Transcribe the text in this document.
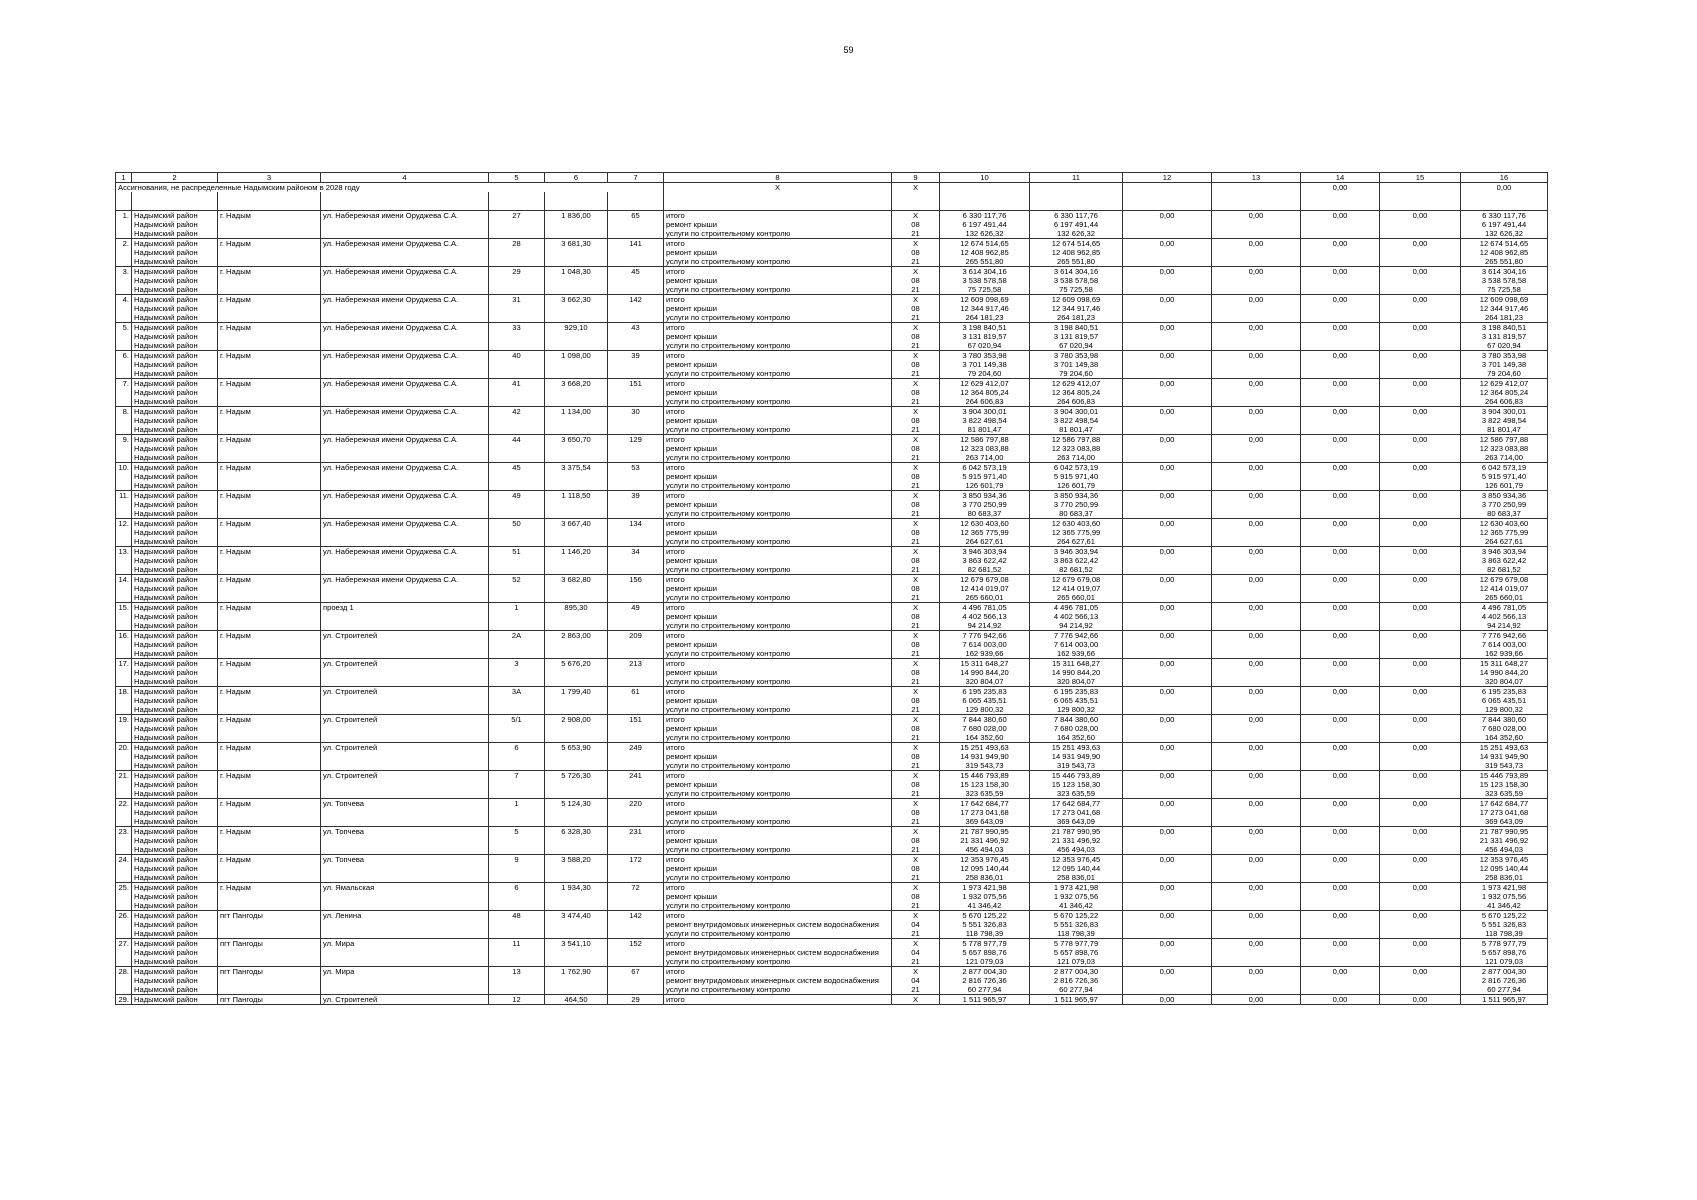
59
1	2	3	4	5	6	7	8	9	10	11	12	13	14	15	16
Ассигнования, не распределенные Надымским районом в 2028 году							X	X					0,00		0,00

1.	Надымский район	г. Надым	ул. Набережная имени Оруджева С.А.	27	1 836,00	65	итого	X	6 330 117,76	6 330 117,76	0,00	0,00	0,00	0,00	6 330 117,76
	Надымский район						ремонт крыши	08	6 197 491,44	6 197 491,44					6 197 491,44
	Надымский район						услуги по строительному контролю	21	132 626,32	132 626,32					132 626,32
2.	Надымский район	г. Надым	ул. Набережная имени Оруджева С.А.	28	3 681,30	141	итого	X	12 674 514,65	12 674 514,65	0,00	0,00	0,00	0,00	12 674 514,65
	Надымский район						ремонт крыши	08	12 408 962,85	12 408 962,85					12 408 962,85
	Надымский район						услуги по строительному контролю	21	265 551,80	265 551,80					265 551,80
3.	Надымский район	г. Надым	ул. Набережная имени Оруджева С.А.	29	1 048,30	45	итого	X	3 614 304,16	3 614 304,16	0,00	0,00	0,00	0,00	3 614 304,16
	Надымский район						ремонт крыши	08	3 538 578,58	3 538 578,58					3 538 578,58
	Надымский район						услуги по строительному контролю	21	75 725,58	75 725,58					75 725,58
4.	Надымский район	г. Надым	ул. Набережная имени Оруджева С.А.	31	3 662,30	142	итого	X	12 609 098,69	12 609 098,69	0,00	0,00	0,00	0,00	12 609 098,69
	Надымский район						ремонт крыши	08	12 344 917,46	12 344 917,46					12 344 917,46
	Надымский район						услуги по строительному контролю	21	264 181,23	264 181,23					264 181,23
5.	Надымский район	г. Надым	ул. Набережная имени Оруджева С.А.	33	929,10	43	итого	X	3 198 840,51	3 198 840,51	0,00	0,00	0,00	0,00	3 198 840,51
	Надымский район						ремонт крыши	08	3 131 819,57	3 131 819,57					3 131 819,57
	Надымский район						услуги по строительному контролю	21	67 020,94	67 020,94					67 020,94
6.	Надымский район	г. Надым	ул. Набережная имени Оруджева С.А.	40	1 098,00	39	итого	X	3 780 353,98	3 780 353,98	0,00	0,00	0,00	0,00	3 780 353,98
	Надымский район						ремонт крыши	08	3 701 149,38	3 701 149,38					3 701 149,38
	Надымский район						услуги по строительному контролю	21	79 204,60	79 204,60					79 204,60
7.	Надымский район	г. Надым	ул. Набережная имени Оруджева С.А.	41	3 668,20	151	итого	X	12 629 412,07	12 629 412,07	0,00	0,00	0,00	0,00	12 629 412,07
	Надымский район						ремонт крыши	08	12 364 805,24	12 364 805,24					12 364 805,24
	Надымский район						услуги по строительному контролю	21	264 606,83	264 606,83					264 606,83
8.	Надымский район	г. Надым	ул. Набережная имени Оруджева С.А.	42	1 134,00	30	итого	X	3 904 300,01	3 904 300,01	0,00	0,00	0,00	0,00	3 904 300,01
	Надымский район						ремонт крыши	08	3 822 498,54	3 822 498,54					3 822 498,54
	Надымский район						услуги по строительному контролю	21	81 801,47	81 801,47					81 801,47
9.	Надымский район	г. Надым	ул. Набережная имени Оруджева С.А.	44	3 650,70	129	итого	X	12 586 797,88	12 586 797,88	0,00	0,00	0,00	0,00	12 586 797,88
	Надымский район						ремонт крыши	08	12 323 083,88	12 323 083,88					12 323 083,88
	Надымский район						услуги по строительному контролю	21	263 714,00	263 714,00					263 714,00
10.	Надымский район	г. Надым	ул. Набережная имени Оруджева С.А.	45	3 375,54	53	итого	X	6 042 573,19	6 042 573,19	0,00	0,00	0,00	0,00	6 042 573,19
	Надымский район						ремонт крыши	08	5 915 971,40	5 915 971,40					5 915 971,40
	Надымский район						услуги по строительному контролю	21	126 601,79	126 601,79					126 601,79
11.	Надымский район	г. Надым	ул. Набережная имени Оруджева С.А.	49	1 118,50	39	итого	X	3 850 934,36	3 850 934,36	0,00	0,00	0,00	0,00	3 850 934,36
	Надымский район						ремонт крыши	08	3 770 250,99	3 770 250,99					3 770 250,99
	Надымский район						услуги по строительному контролю	21	80 683,37	80 683,37					80 683,37
12.	Надымский район	г. Надым	ул. Набережная имени Оруджева С.А.	50	3 667,40	134	итого	X	12 630 403,60	12 630 403,60	0,00	0,00	0,00	0,00	12 630 403,60
	Надымский район						ремонт крыши	08	12 365 775,99	12 365 775,99					12 365 775,99
	Надымский район						услуги по строительному контролю	21	264 627,61	264 627,61					264 627,61
13.	Надымский район	г. Надым	ул. Набережная имени Оруджева С.А.	51	1 146,20	34	итого	X	3 946 303,94	3 946 303,94	0,00	0,00	0,00	0,00	3 946 303,94
	Надымский район						ремонт крыши	08	3 863 622,42	3 863 622,42					3 863 622,42
	Надымский район						услуги по строительному контролю	21	82 681,52	82 681,52					82 681,52
14.	Надымский район	г. Надым	ул. Набережная имени Оруджева С.А.	52	3 682,80	156	итого	X	12 679 679,08	12 679 679,08	0,00	0,00	0,00	0,00	12 679 679,08
	Надымский район						ремонт крыши	08	12 414 019,07	12 414 019,07					12 414 019,07
	Надымский район						услуги по строительному контролю	21	265 660,01	265 660,01					265 660,01
15.	Надымский район	г. Надым	проезд 1	1	895,30	49	итого	X	4 496 781,05	4 496 781,05	0,00	0,00	0,00	0,00	4 496 781,05
	Надымский район						ремонт крыши	08	4 402 566,13	4 402 566,13					4 402 566,13
	Надымский район						услуги по строительному контролю	21	94 214,92	94 214,92					94 214,92
16.	Надымский район	г. Надым	ул. Строителей	2А	2 863,00	209	итого	X	7 776 942,66	7 776 942,66	0,00	0,00	0,00	0,00	7 776 942,66
	Надымский район						ремонт крыши	08	7 614 003,00	7 614 003,00					7 614 003,00
	Надымский район						услуги по строительному контролю	21	162 939,66	162 939,66					162 939,66
17.	Надымский район	г. Надым	ул. Строителей	3	5 676,20	213	итого	X	15 311 648,27	15 311 648,27	0,00	0,00	0,00	0,00	15 311 648,27
	Надымский район						ремонт крыши	08	14 990 844,20	14 990 844,20					14 990 844,20
	Надымский район						услуги по строительному контролю	21	320 804,07	320 804,07					320 804,07
18.	Надымский район	г. Надым	ул. Строителей	3А	1 799,40	61	итого	X	6 195 235,83	6 195 235,83	0,00	0,00	0,00	0,00	6 195 235,83
	Надымский район						ремонт крыши	08	6 065 435,51	6 065 435,51					6 065 435,51
	Надымский район						услуги по строительному контролю	21	129 800,32	129 800,32					129 800,32
19.	Надымский район	г. Надым	ул. Строителей	5/1	2 908,00	151	итого	X	7 844 380,60	7 844 380,60	0,00	0,00	0,00	0,00	7 844 380,60
	Надымский район						ремонт крыши	08	7 680 028,00	7 680 028,00					7 680 028,00
	Надымский район						услуги по строительному контролю	21	164 352,60	164 352,60					164 352,60
20.	Надымский район	г. Надым	ул. Строителей	6	5 653,90	249	итого	X	15 251 493,63	15 251 493,63	0,00	0,00	0,00	0,00	15 251 493,63
	Надымский район						ремонт крыши	08	14 931 949,90	14 931 949,90					14 931 949,90
	Надымский район						услуги по строительному контролю	21	319 543,73	319 543,73					319 543,73
21.	Надымский район	г. Надым	ул. Строителей	7	5 726,30	241	итого	X	15 446 793,89	15 446 793,89	0,00	0,00	0,00	0,00	15 446 793,89
	Надымский район						ремонт крыши	08	15 123 158,30	15 123 158,30					15 123 158,30
	Надымский район						услуги по строительному контролю	21	323 635,59	323 635,59					323 635,59
22.	Надымский район	г. Надым	ул. Топчева	1	5 124,30	220	итого	X	17 642 684,77	17 642 684,77	0,00	0,00	0,00	0,00	17 642 684,77
	Надымский район						ремонт крыши	08	17 273 041,68	17 273 041,68					17 273 041,68
	Надымский район						услуги по строительному контролю	21	369 643,09	369 643,09					369 643,09
23.	Надымский район	г. Надым	ул. Топчева	5	6 328,30	231	итого	X	21 787 990,95	21 787 990,95	0,00	0,00	0,00	0,00	21 787 990,95
	Надымский район						ремонт крыши	08	21 331 496,92	21 331 496,92					21 331 496,92
	Надымский район						услуги по строительному контролю	21	456 494,03	456 494,03					456 494,03
24.	Надымский район	г. Надым	ул. Топчева	9	3 588,20	172	итого	X	12 353 976,45	12 353 976,45	0,00	0,00	0,00	0,00	12 353 976,45
	Надымский район						ремонт крыши	08	12 095 140,44	12 095 140,44					12 095 140,44
	Надымский район						услуги по строительному контролю	21	258 836,01	258 836,01					258 836,01
25.	Надымский район	г. Надым	ул. Ямальская	6	1 934,30	72	итого	X	1 973 421,98	1 973 421,98	0,00	0,00	0,00	0,00	1 973 421,98
	Надымский район						ремонт крыши	08	1 932 075,56	1 932 075,56					1 932 075,56
	Надымский район						услуги по строительному контролю	21	41 346,42	41 346,42					41 346,42
26.	Надымский район	пгт Пангоды	ул. Ленина	48	3 474,40	142	итого	X	5 670 125,22	5 670 125,22	0,00	0,00	0,00	0,00	5 670 125,22
	Надымский район						ремонт внутридомовых инженерных систем водоснабжения	04	5 551 326,83	5 551 326,83					5 551 326,83
	Надымский район						услуги по строительному контролю	21	118 798,39	118 798,39					118 798,39
27.	Надымский район	пгт Пангоды	ул. Мира	11	3 541,10	152	итого	X	5 778 977,79	5 778 977,79	0,00	0,00	0,00	0,00	5 778 977,79
	Надымский район						ремонт внутридомовых инженерных систем водоснабжения	04	5 657 898,76	5 657 898,76					5 657 898,76
	Надымский район						услуги по строительному контролю	21	121 079,03	121 079,03					121 079,03
28.	Надымский район	пгт Пангоды	ул. Мира	13	1 762,90	67	итого	X	2 877 004,30	2 877 004,30	0,00	0,00	0,00	0,00	2 877 004,30
	Надымский район						ремонт внутридомовых инженерных систем водоснабжения	04	2 816 726,36	2 816 726,36					2 816 726,36
	Надымский район						услуги по строительному контролю	21	60 277,94	60 277,94					60 277,94
29.	Надымский район	пгт Пангоды	ул. Строителей	12	464,50	29	итого	X	1 511 965,97	1 511 965,97	0,00	0,00	0,00	0,00	1 511 965,97
